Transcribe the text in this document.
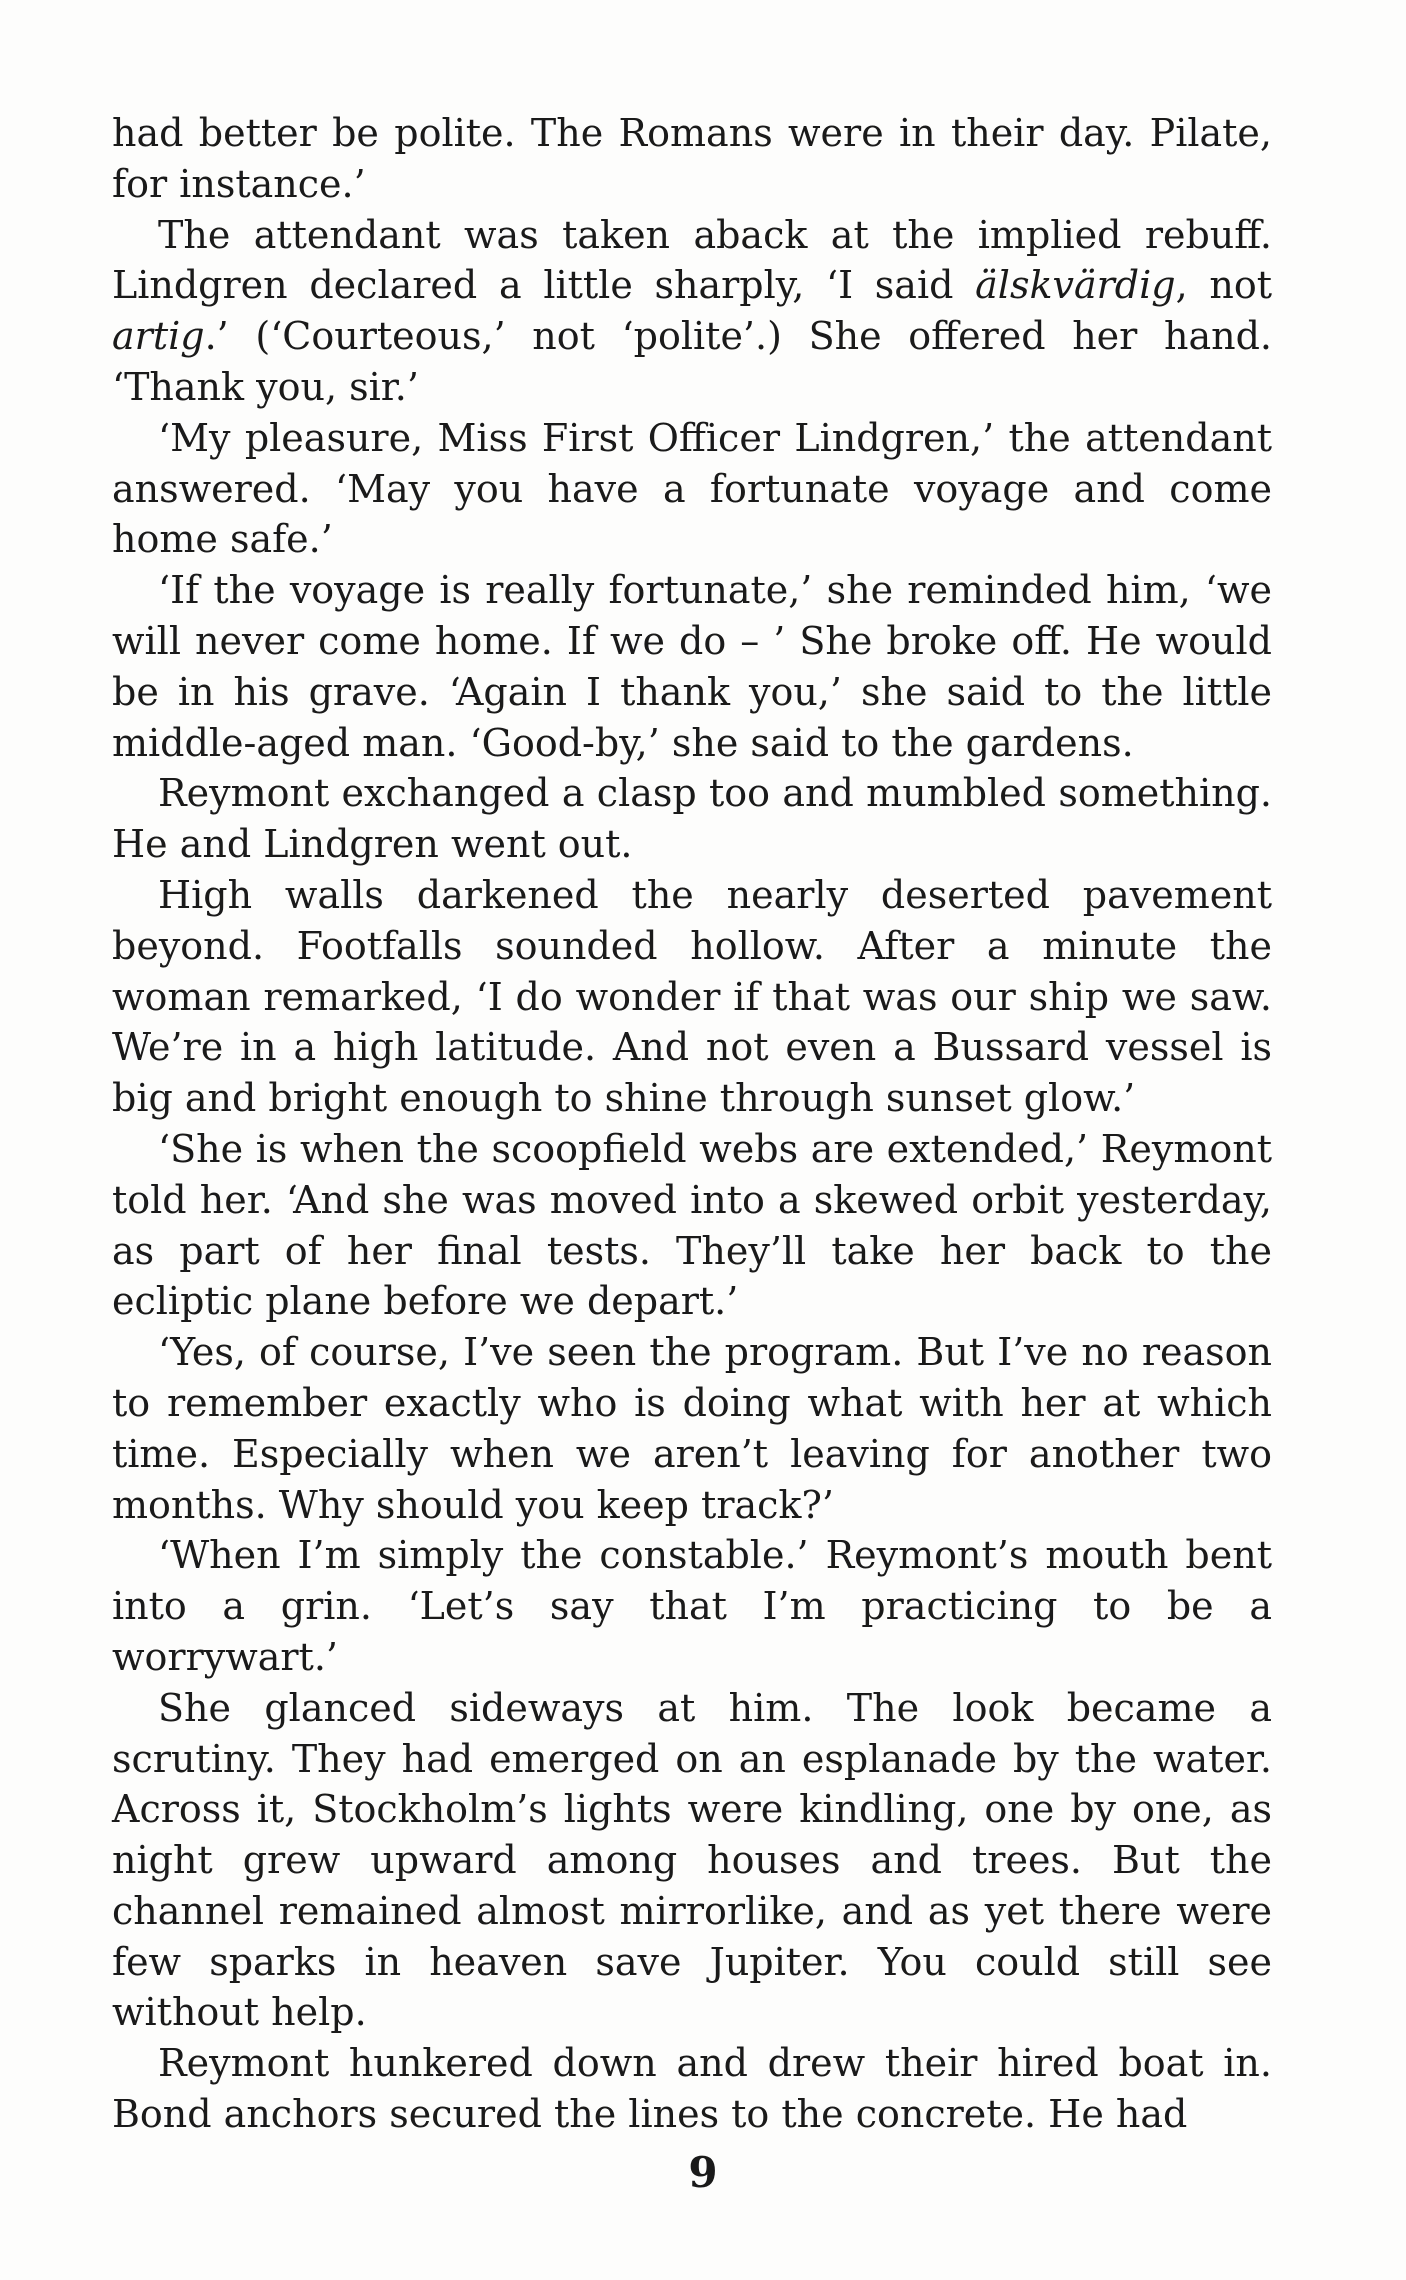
had better be polite. The Romans were in their day. Pilate, for instance.’

The attendant was taken aback at the implied rebuff. Lindgren declared a little sharply, ‘I said älskvärdig, not artig.’ (‘Courteous,’ not ‘polite’.) She offered her hand. ‘Thank you, sir.’

‘My pleasure, Miss First Officer Lindgren,’ the attendant answered. ‘May you have a fortunate voyage and come home safe.’

‘If the voyage is really fortunate,’ she reminded him, ‘we will never come home. If we do – ’ She broke off. He would be in his grave. ‘Again I thank you,’ she said to the little middle-aged man. ‘Good-by,’ she said to the gardens.

Reymont exchanged a clasp too and mumbled something. He and Lindgren went out.

High walls darkened the nearly deserted pavement beyond. Footfalls sounded hollow. After a minute the woman remarked, ‘I do wonder if that was our ship we saw. We’re in a high latitude. And not even a Bussard vessel is big and bright enough to shine through sunset glow.’

‘She is when the scoopfield webs are extended,’ Reymont told her. ‘And she was moved into a skewed orbit yesterday, as part of her final tests. They’ll take her back to the ecliptic plane before we depart.’

‘Yes, of course, I’ve seen the program. But I’ve no reason to remember exactly who is doing what with her at which time. Especially when we aren’t leaving for another two months. Why should you keep track?’

‘When I’m simply the constable.’ Reymont’s mouth bent into a grin. ‘Let’s say that I’m practicing to be a worrywart.’

She glanced sideways at him. The look became a scrutiny. They had emerged on an esplanade by the water. Across it, Stockholm’s lights were kindling, one by one, as night grew upward among houses and trees. But the channel remained almost mirrorlike, and as yet there were few sparks in heaven save Jupiter. You could still see without help.

Reymont hunkered down and drew their hired boat in. Bond anchors secured the lines to the concrete. He had

9
